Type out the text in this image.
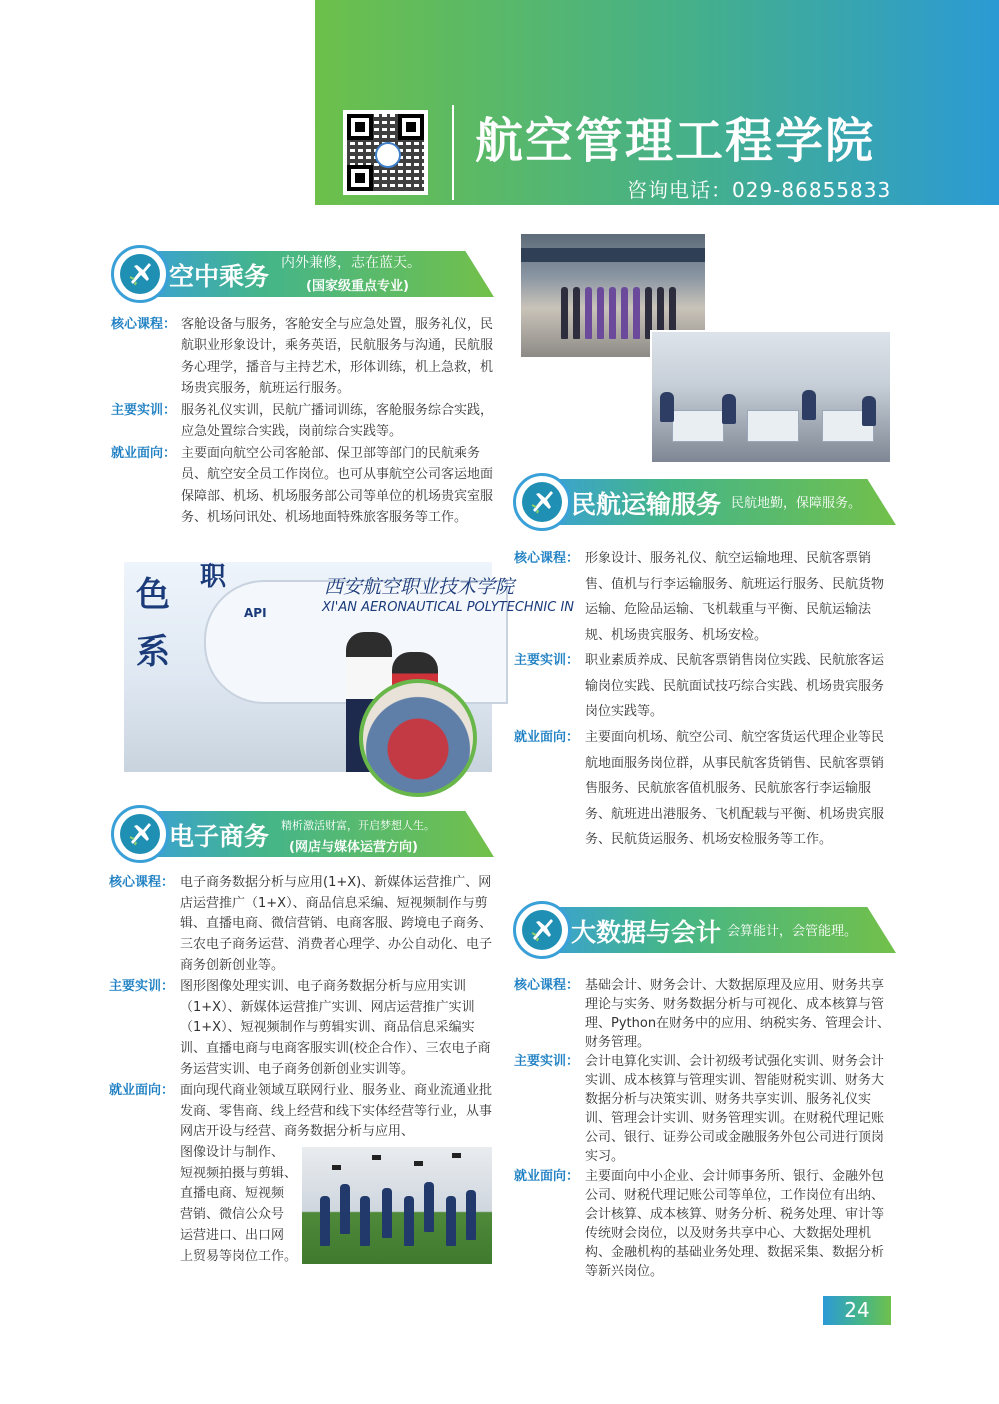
航空管理工程学院
咨询电话：029-86855833
空中乘务 内外兼修，志在蓝天。
(国家级重点专业)
核心课程： 客舱设备与服务，客舱安全与应急处置，服务礼仪，民航职业形象设计，乘务英语，民航服务与沟通，民航服务心理学，播音与主持艺术，形体训练，机上急救，机场贵宾服务，航班运行服务。
主要实训： 服务礼仪实训，民航广播词训练，客舱服务综合实践，应急处置综合实践，岗前综合实践等。
就业面向： 主要面向航空公司客舱部、保卫部等部门的民航乘务员、航空安全员工作岗位。也可从事航空公司客运地面保障部、机场、机场服务部公司等单位的机场贵宾室服务、机场问讯处、机场地面特殊旅客服务等工作。
色
系
职	西安航空职业技术学院
XI'AN AERONAUTICAL POLYTECHNIC IN
API
电子商务 精析激活财富，开启梦想人生。
(网店与媒体运营方向)
核心课程： 电子商务数据分析与应用(1+X)、新媒体运营推广、网店运营推广（1+X）、商品信息采编、短视频制作与剪辑、直播电商、微信营销、电商客服、跨境电子商务、三农电子商务运营、消费者心理学、办公自动化、电子商务创新创业等。
主要实训： 图形图像处理实训、电子商务数据分析与应用实训（1+X）、新媒体运营推广实训、网店运营推广实训（1+X）、短视频制作与剪辑实训、商品信息采编实训、直播电商与电商客服实训(校企合作）、三农电子商务运营实训、电子商务创新创业实训等。
就业面向： 面向现代商业领域互联网行业、服务业、商业流通业批发商、零售商、线上经营和线下实体经营等行业，从事网店开设与经营、商务数据分析与应用、
图像设计与制作、
短视频拍摄与剪辑、
直播电商、短视频
营销、微信公众号
运营进口、出口网
上贸易等岗位工作。
民航运输服务 民航地勤，保障服务。
核心课程： 形象设计、服务礼仪、航空运输地理、民航客票销售、值机与行李运输服务、航班运行服务、民航货物运输、危险品运输、飞机载重与平衡、民航运输法规、机场贵宾服务、机场安检。
主要实训： 职业素质养成、民航客票销售岗位实践、民航旅客运输岗位实践、民航面试技巧综合实践、机场贵宾服务岗位实践等。
就业面向： 主要面向机场、航空公司、航空客货运代理企业等民航地面服务岗位群，从事民航客货销售、民航客票销售服务、民航旅客值机服务、民航旅客行李运输服务、航班进出港服务、飞机配载与平衡、机场贵宾服务、民航货运服务、机场安检服务等工作。
大数据与会计 会算能计，会管能理。
核心课程： 基础会计、财务会计、大数据原理及应用、财务共享理论与实务、财务数据分析与可视化、成本核算与管理、Python在财务中的应用、纳税实务、管理会计、财务管理。
主要实训： 会计电算化实训、会计初级考试强化实训、财务会计实训、成本核算与管理实训、智能财税实训、财务大数据分析与决策实训、财务共享实训、服务礼仪实训、管理会计实训、财务管理实训。在财税代理记账公司、银行、证券公司或金融服务外包公司进行顶岗实习。
就业面向： 主要面向中小企业、会计师事务所、银行、金融外包公司、财税代理记账公司等单位，工作岗位有出纳、会计核算、成本核算、财务分析、税务处理、审计等传统财会岗位，以及财务共享中心、大数据处理机构、金融机构的基础业务处理、数据采集、数据分析等新兴岗位。
24
